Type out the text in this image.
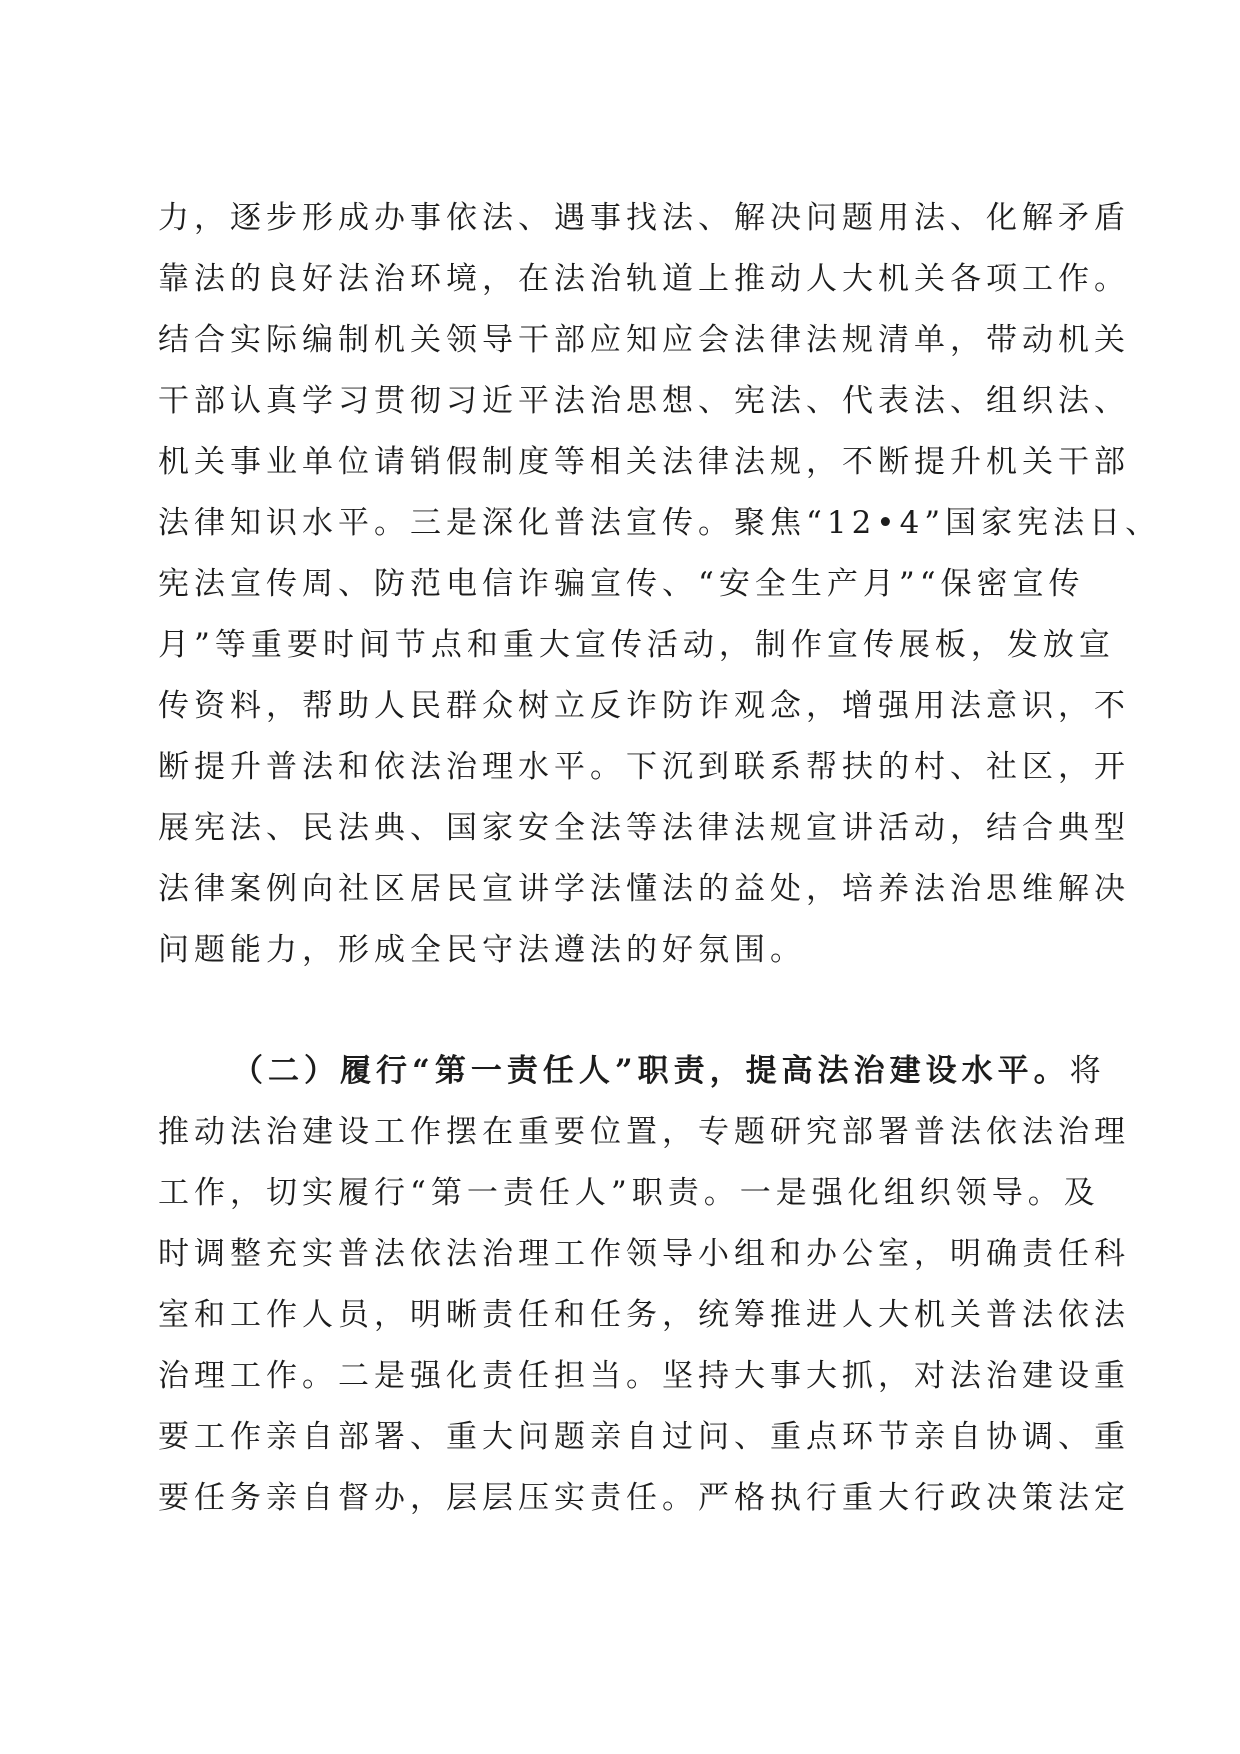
力，逐步形成办事依法、遇事找法、解决问题用法、化解矛盾

靠法的良好法治环境，在法治轨道上推动人大机关各项工作。

结合实际编制机关领导干部应知应会法律法规清单，带动机关

干部认真学习贯彻习近平法治思想、宪法、代表法、组织法、

机关事业单位请销假制度等相关法律法规，不断提升机关干部

法律知识水平。三是深化普法宣传。聚焦“12•4”国家宪法日、

宪法宣传周、防范电信诈骗宣传、“安全生产月”“保密宣传

月”等重要时间节点和重大宣传活动，制作宣传展板，发放宣

传资料，帮助人民群众树立反诈防诈观念，增强用法意识，不

断提升普法和依法治理水平。下沉到联系帮扶的村、社区，开

展宪法、民法典、国家安全法等法律法规宣讲活动，结合典型

法律案例向社区居民宣讲学法懂法的益处，培养法治思维解决

问题能力，形成全民守法遵法的好氛围。

（二）履行“第一责任人”职责，提高法治建设水平。将

推动法治建设工作摆在重要位置，专题研究部署普法依法治理

工作，切实履行“第一责任人”职责。一是强化组织领导。及

时调整充实普法依法治理工作领导小组和办公室，明确责任科

室和工作人员，明晰责任和任务，统筹推进人大机关普法依法

治理工作。二是强化责任担当。坚持大事大抓，对法治建设重

要工作亲自部署、重大问题亲自过问、重点环节亲自协调、重

要任务亲自督办，层层压实责任。严格执行重大行政决策法定
